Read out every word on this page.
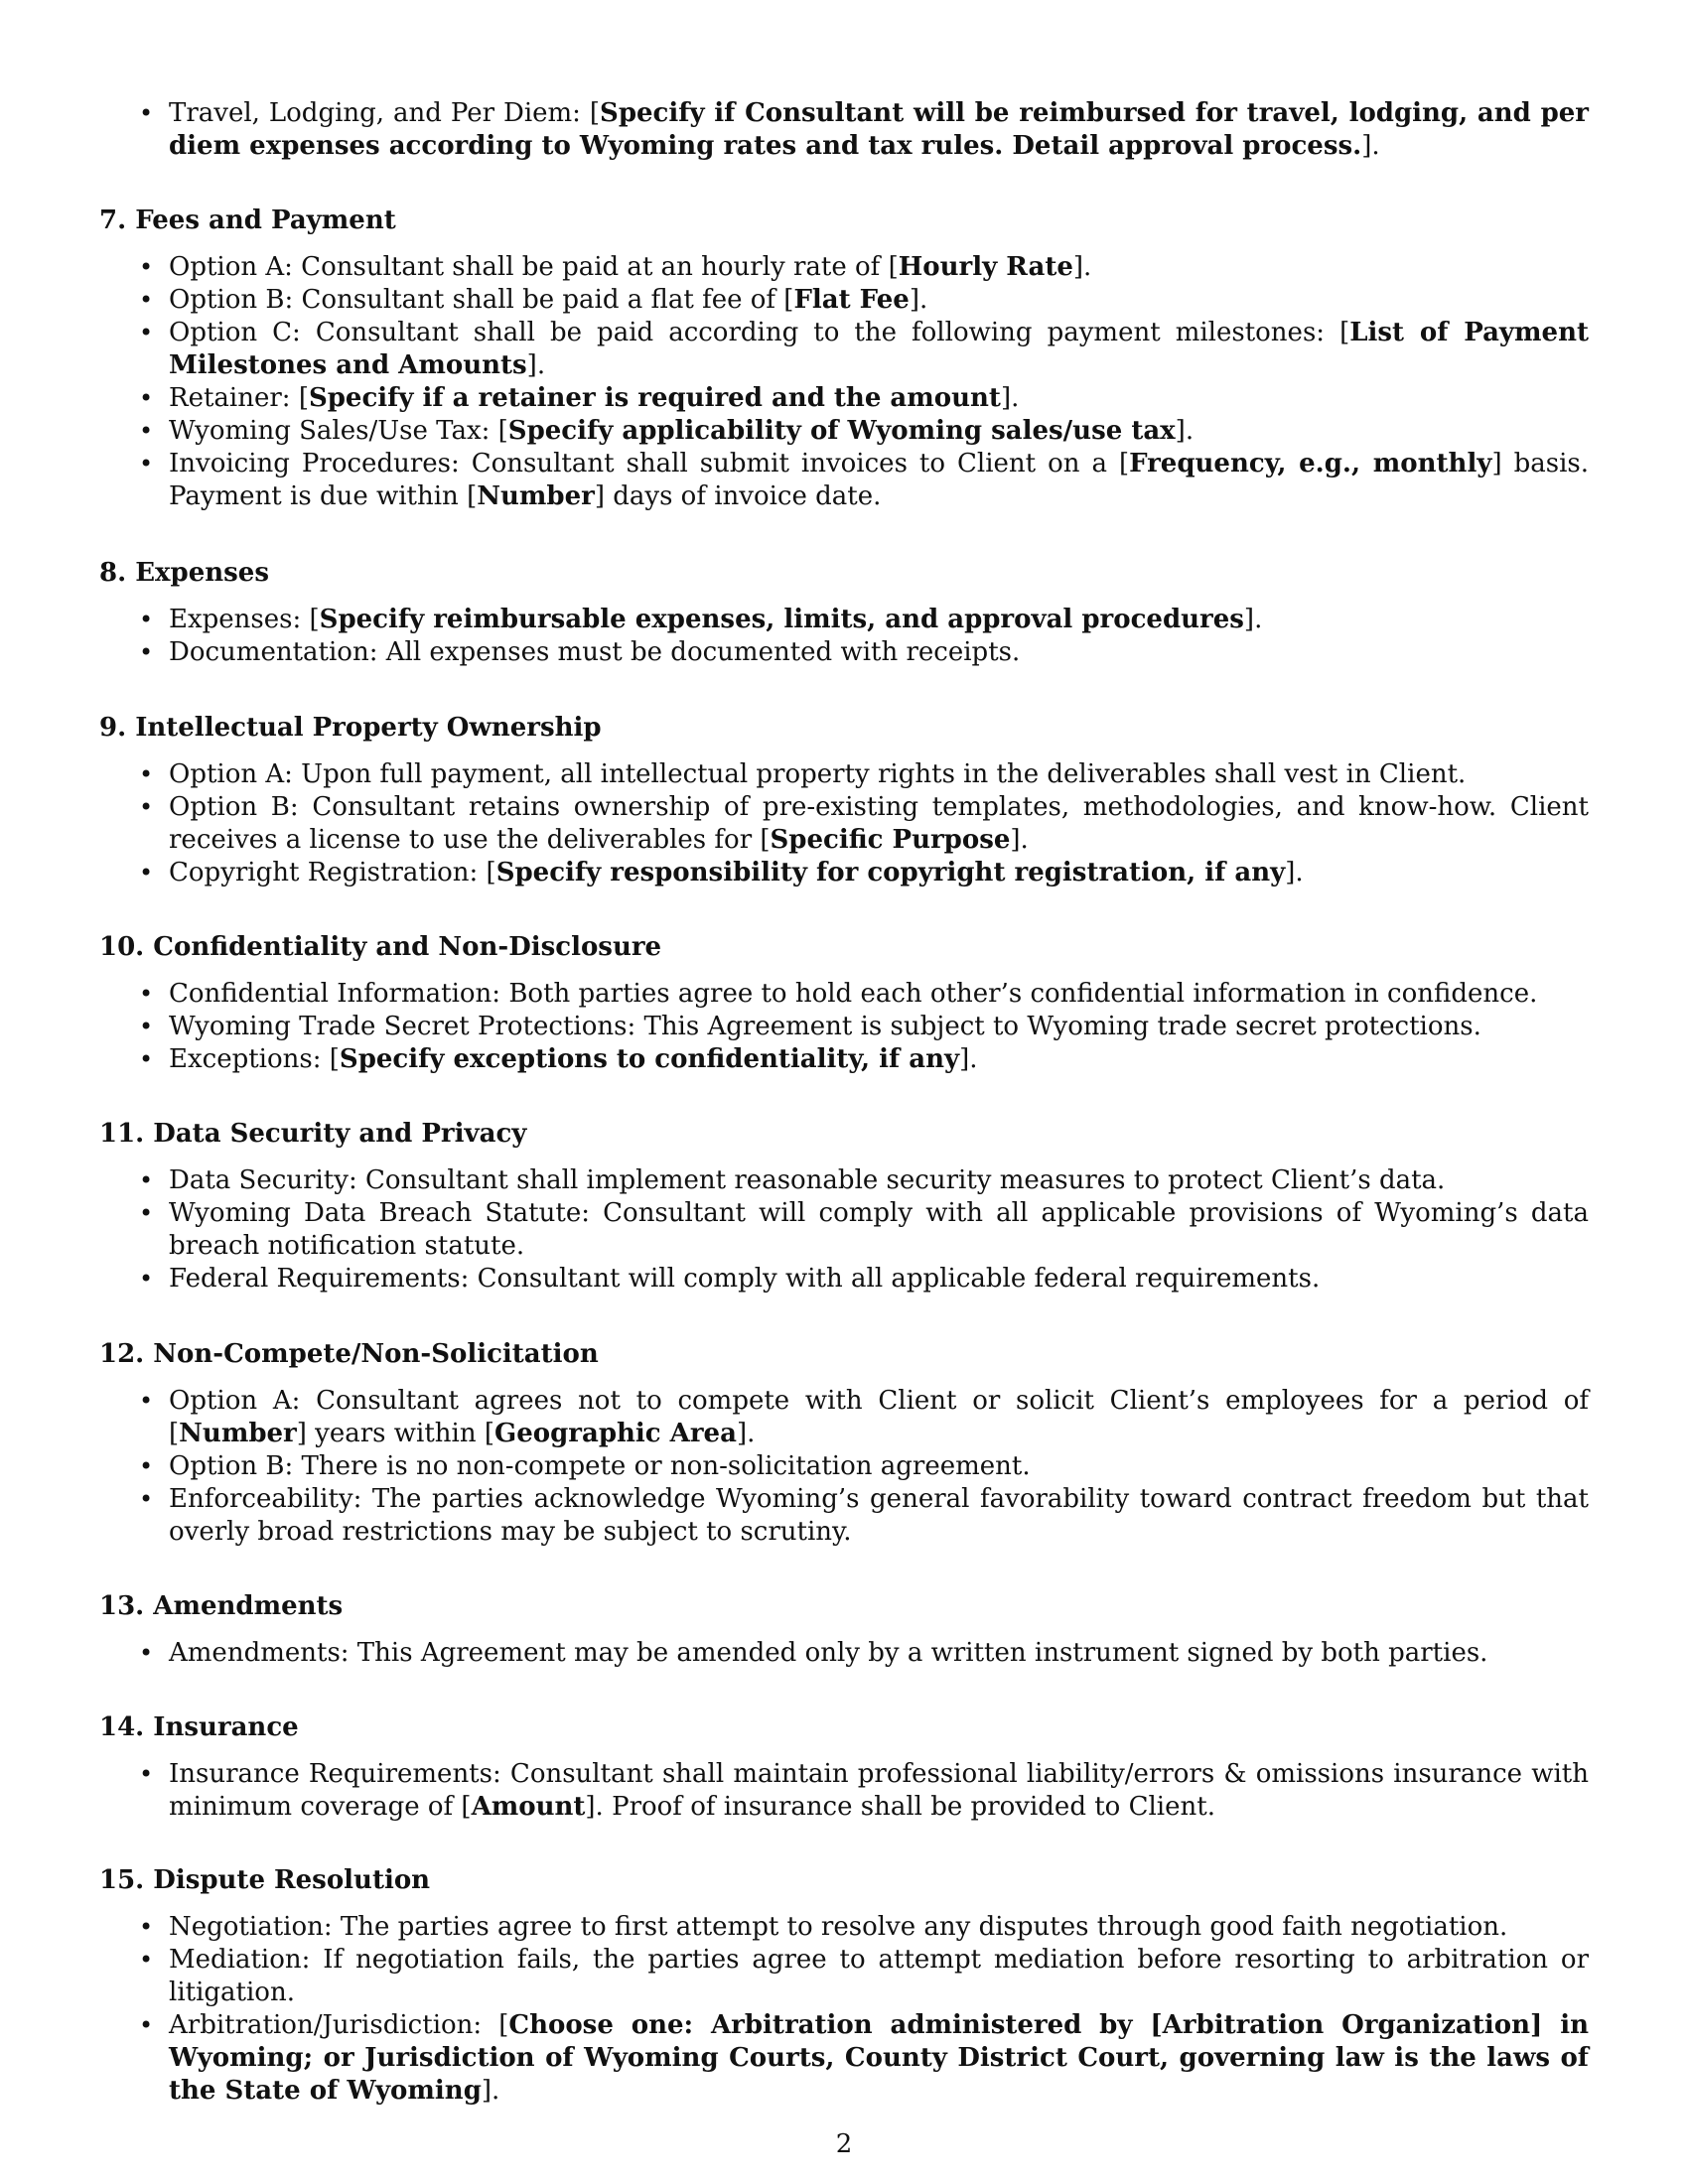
• Travel, Lodging, and Per Diem: [Specify if Consultant will be reimbursed for travel, lodging, and per diem expenses according to Wyoming rates and tax rules. Detail approval process.].
7. Fees and Payment
• Option A: Consultant shall be paid at an hourly rate of [Hourly Rate].
• Option B: Consultant shall be paid a flat fee of [Flat Fee].
• Option C: Consultant shall be paid according to the following payment milestones: [List of Payment Milestones and Amounts].
• Retainer: [Specify if a retainer is required and the amount].
• Wyoming Sales/Use Tax: [Specify applicability of Wyoming sales/use tax].
• Invoicing Procedures: Consultant shall submit invoices to Client on a [Frequency, e.g., monthly] basis. Payment is due within [Number] days of invoice date.
8. Expenses
• Expenses: [Specify reimbursable expenses, limits, and approval procedures].
• Documentation: All expenses must be documented with receipts.
9. Intellectual Property Ownership
• Option A: Upon full payment, all intellectual property rights in the deliverables shall vest in Client.
• Option B: Consultant retains ownership of pre-existing templates, methodologies, and know-how. Client receives a license to use the deliverables for [Specific Purpose].
• Copyright Registration: [Specify responsibility for copyright registration, if any].
10. Confidentiality and Non-Disclosure
• Confidential Information: Both parties agree to hold each other’s confidential information in confidence.
• Wyoming Trade Secret Protections: This Agreement is subject to Wyoming trade secret protections.
• Exceptions: [Specify exceptions to confidentiality, if any].
11. Data Security and Privacy
• Data Security: Consultant shall implement reasonable security measures to protect Client’s data.
• Wyoming Data Breach Statute: Consultant will comply with all applicable provisions of Wyoming’s data breach notification statute.
• Federal Requirements: Consultant will comply with all applicable federal requirements.
12. Non-Compete/Non-Solicitation
• Option A: Consultant agrees not to compete with Client or solicit Client’s employees for a period of [Number] years within [Geographic Area].
• Option B: There is no non-compete or non-solicitation agreement.
• Enforceability: The parties acknowledge Wyoming’s general favorability toward contract freedom but that overly broad restrictions may be subject to scrutiny.
13. Amendments
• Amendments: This Agreement may be amended only by a written instrument signed by both parties.
14. Insurance
• Insurance Requirements: Consultant shall maintain professional liability/errors & omissions insurance with minimum coverage of [Amount]. Proof of insurance shall be provided to Client.
15. Dispute Resolution
• Negotiation: The parties agree to first attempt to resolve any disputes through good faith negotiation.
• Mediation: If negotiation fails, the parties agree to attempt mediation before resorting to arbitration or litigation.
• Arbitration/Jurisdiction: [Choose one: Arbitration administered by [Arbitration Organization] in Wyoming; or Jurisdiction of Wyoming Courts, County District Court, governing law is the laws of the State of Wyoming].
2
